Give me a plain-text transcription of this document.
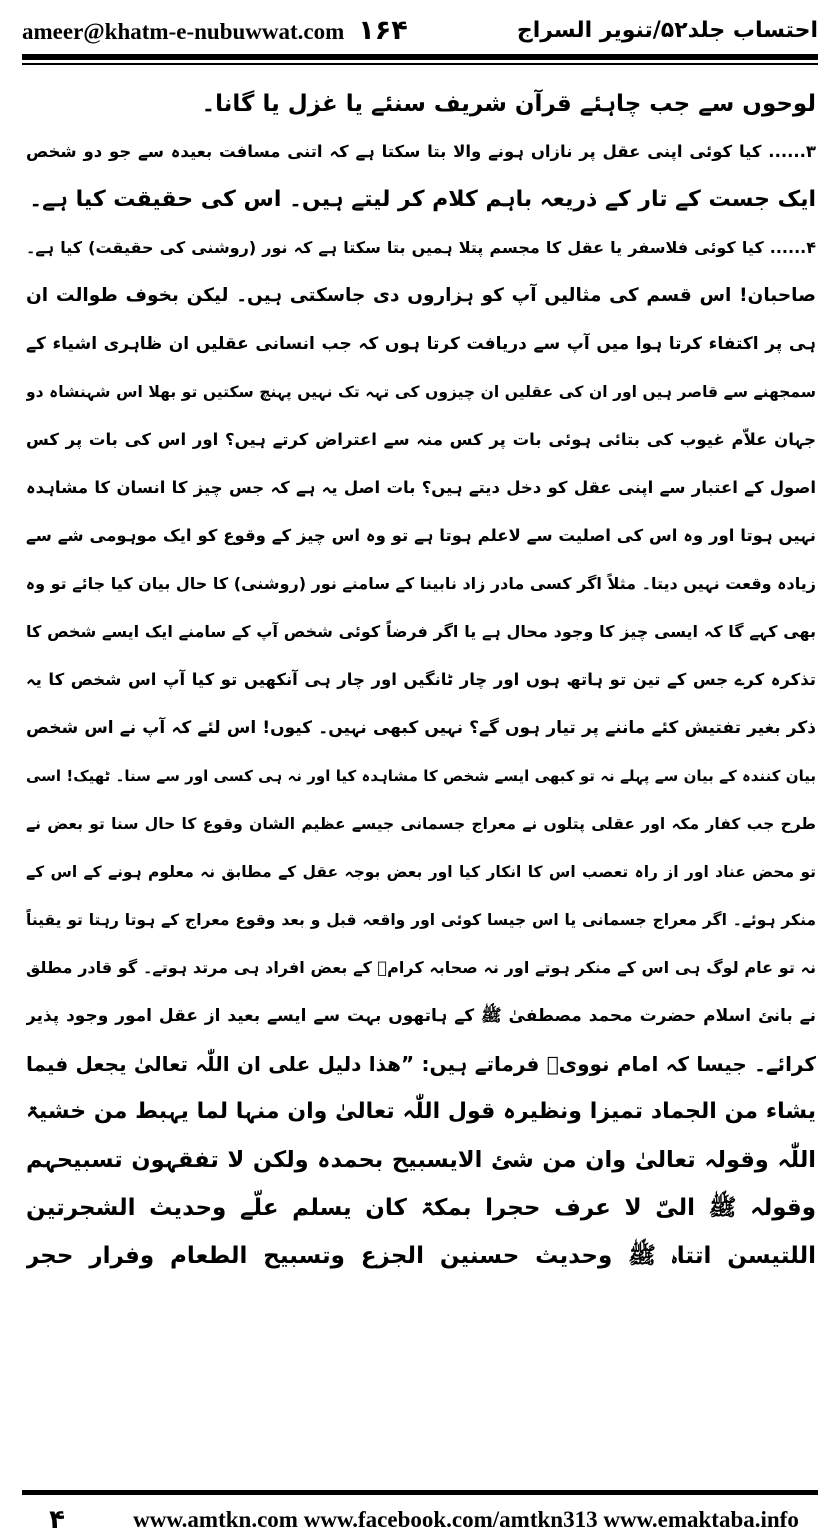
ameer@khatm-e-nubuwwat.com ۱۶۴	احتساب جلد۵۲/تنویر السراج
لوحوں سے جب چاہئے قرآن شریف سنئے یا غزل یا گانا۔
۳...... کیا کوئی اپنی عقل پر نازاں ہونے والا بتا سکتا ہے کہ اتنی مسافت بعیدہ سے جو دو شخص
ایک جست کے تار کے ذریعہ باہم کلام کر لیتے ہیں۔ اس کی حقیقت کیا ہے۔
۴...... کیا کوئی فلاسفر یا عقل کا مجسم پتلا ہمیں بتا سکتا ہے کہ نور (روشنی کی حقیقت) کیا ہے۔
صاحبان! اس قسم کی مثالیں آپ کو ہزاروں دی جاسکتی ہیں۔ لیکن بخوف طوالت ان
ہی پر اکتفاء کرتا ہوا میں آپ سے دریافت کرتا ہوں کہ جب انسانی عقلیں ان ظاہری اشیاء کے
سمجھنے سے قاصر ہیں اور ان کی عقلیں ان چیزوں کی تہہ تک نہیں پہنچ سکتیں تو بھلا اس شہنشاہ دو
جہان علاّم غیوب کی بتائی ہوئی بات پر کس منہ سے اعتراض کرتے ہیں؟ اور اس کی بات پر کس
اصول کے اعتبار سے اپنی عقل کو دخل دیتے ہیں؟ بات اصل یہ ہے کہ جس چیز کا انسان کا مشاہدہ
نہیں ہوتا اور وہ اس کی اصلیت سے لاعلم ہوتا ہے تو وہ اس چیز کے وقوع کو ایک موہومی شے سے
زیادہ وقعت نہیں دیتا۔ مثلاً اگر کسی مادر زاد نابینا کے سامنے نور (روشنی) کا حال بیان کیا جائے تو وہ
بھی کہے گا کہ ایسی چیز کا وجود محال ہے یا اگر فرضاً کوئی شخص آپ کے سامنے ایک ایسے شخص کا
تذکرہ کرے جس کے تین تو ہاتھ ہوں اور چار ٹانگیں اور چار ہی آنکھیں تو کیا آپ اس شخص کا یہ
ذکر بغیر تفتیش کئے ماننے پر تیار ہوں گے؟ نہیں کبھی نہیں۔ کیوں! اس لئے کہ آپ نے اس شخص
بیان کنندہ کے بیان سے پہلے نہ تو کبھی ایسے شخص کا مشاہدہ کیا اور نہ ہی کسی اور سے سنا۔ ٹھیک! اسی
طرح جب کفار مکہ اور عقلی پتلوں نے معراج جسمانی جیسے عظیم الشان وقوع کا حال سنا تو بعض نے
تو محض عناد اور از راہ تعصب اس کا انکار کیا اور بعض بوجہ عقل کے مطابق نہ معلوم ہونے کے اس کے
منکر ہوئے۔ اگر معراج جسمانی یا اس جیسا کوئی اور واقعہ قبل و بعد وقوع معراج کے ہوتا رہتا تو یقیناً
نہ تو عام لوگ ہی اس کے منکر ہوتے اور نہ صحابہ کرامؓ کے بعض افراد ہی مرتد ہوتے۔ گو قادر مطلق
نے بانئ اسلام حضرت محمد مصطفیٰ ﷺ کے ہاتھوں بہت سے ایسے بعید از عقل امور وجود پذیر
کرائے۔ جیسا کہ امام نوویؒ فرماتے ہیں: ”ھذا دلیل علی ان اللّٰہ تعالیٰ یجعل فیما
یشاء من الجماد تمیزا ونظیرہ قول اللّٰہ تعالیٰ وان منہا لما یہبط من خشیۃ
اللّٰہ وقولہ تعالیٰ وان من شئ الایسبیح بحمدہ ولکن لا تفقہون تسبیحہم
وقولہ ﷺ الیّ لا عرف حجرا بمکۃ کان یسلم علّے وحدیث الشجرتین
اللتیسن اتتاہ ﷺ وحدیث حسنین الجزع وتسبیح الطعام وفرار حجر
۴	www.amtkn.com www.facebook.com/amtkn313 www.emaktaba.info
